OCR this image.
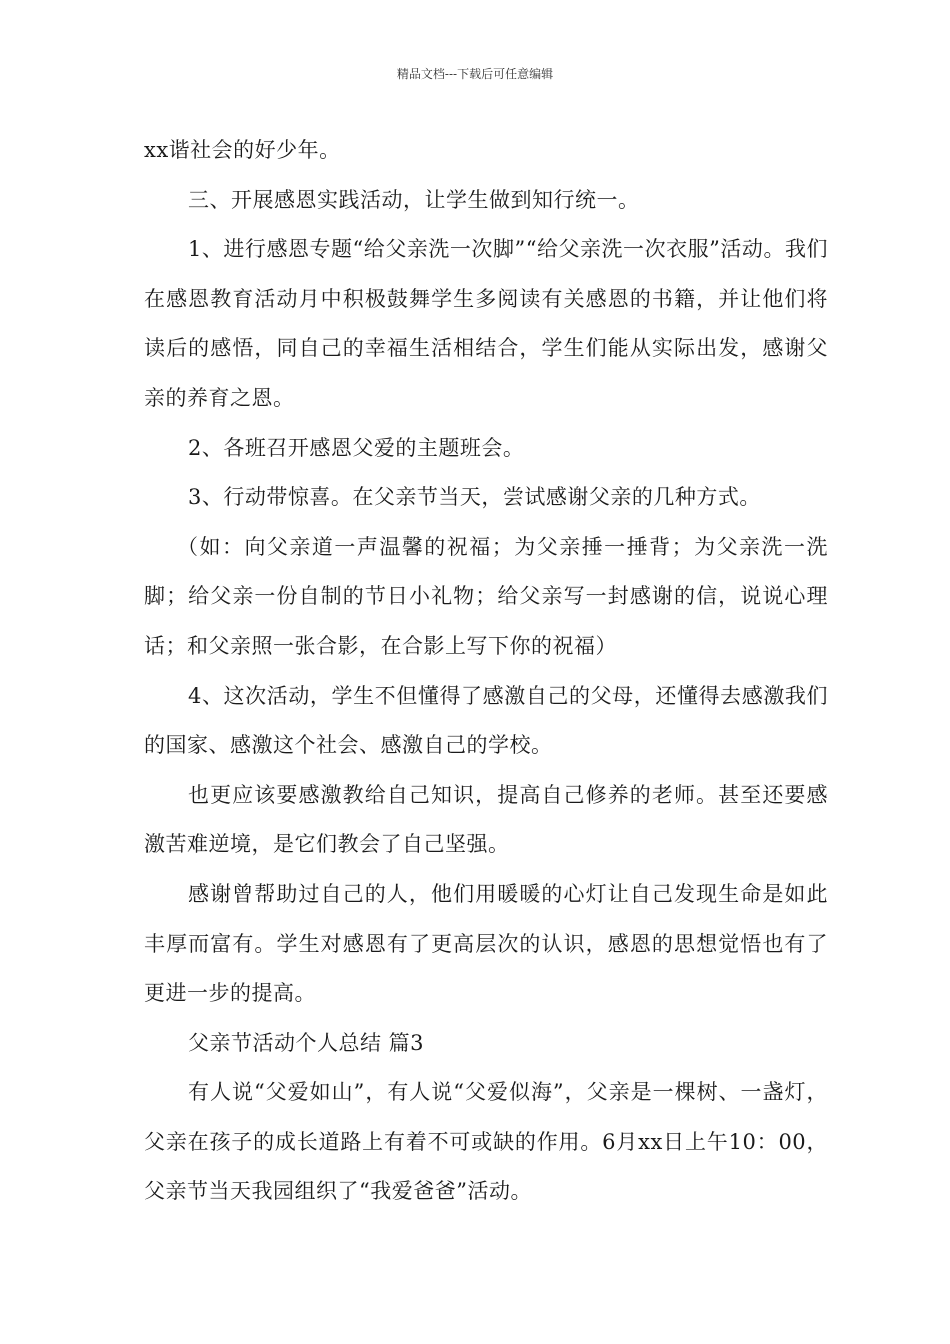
精品文档---下载后可任意编辑

xx谐社会的好少年。

三、开展感恩实践活动，让学生做到知行统一。

1、进行感恩专题“给父亲洗一次脚”“给父亲洗一次衣服”活动。我们在感恩教育活动月中积极鼓舞学生多阅读有关感恩的书籍，并让他们将读后的感悟，同自己的幸福生活相结合，学生们能从实际出发，感谢父亲的养育之恩。

2、各班召开感恩父爱的主题班会。

3、行动带惊喜。在父亲节当天，尝试感谢父亲的几种方式。

（如：向父亲道一声温馨的祝福；为父亲捶一捶背；为父亲洗一洗脚；给父亲一份自制的节日小礼物；给父亲写一封感谢的信，说说心理话；和父亲照一张合影，在合影上写下你的祝福）

4、这次活动，学生不但懂得了感激自己的父母，还懂得去感激我们的国家、感激这个社会、感激自己的学校。

也更应该要感激教给自己知识，提高自己修养的老师。甚至还要感激苦难逆境，是它们教会了自己坚强。

感谢曾帮助过自己的人，他们用暖暖的心灯让自己发现生命是如此丰厚而富有。学生对感恩有了更高层次的认识，感恩的思想觉悟也有了更进一步的提高。

父亲节活动个人总结 篇3

有人说“父爱如山”，有人说“父爱似海”，父亲是一棵树、一盏灯，父亲在孩子的成长道路上有着不可或缺的作用。6月xx日上午10：00，父亲节当天我园组织了“我爱爸爸”活动。
